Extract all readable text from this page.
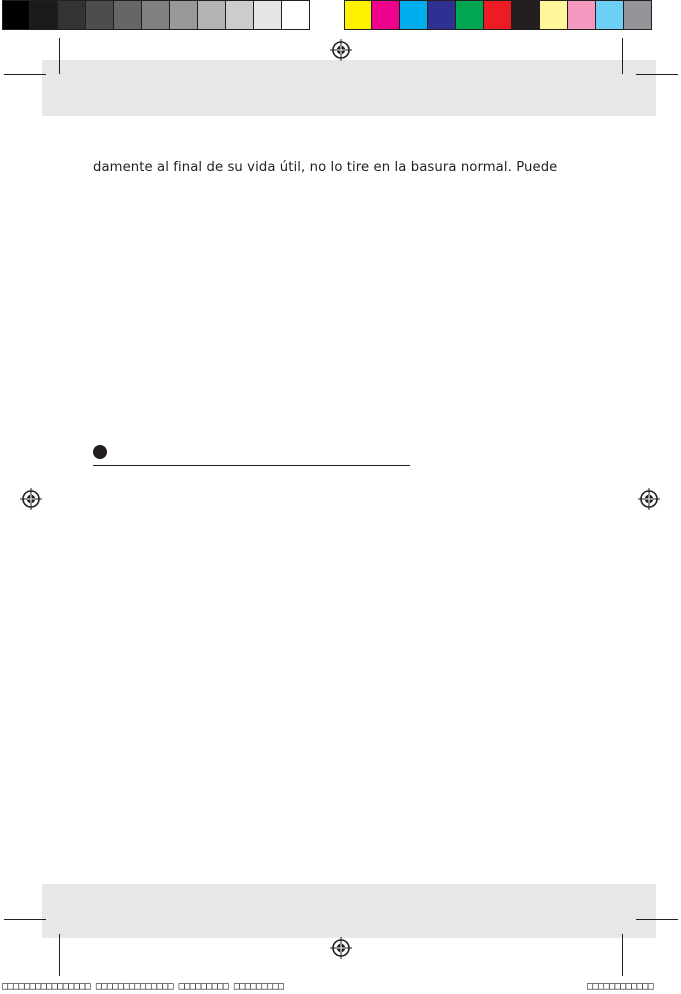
damente al final de su vida útil, no lo tire en la basura normal. Puede

□□□□□□□□□□□□□□□□ □□□□□□□□□□□□□□ □□□□□□□□□ □□□□□□□□□	□□□□□□□□□□□□
